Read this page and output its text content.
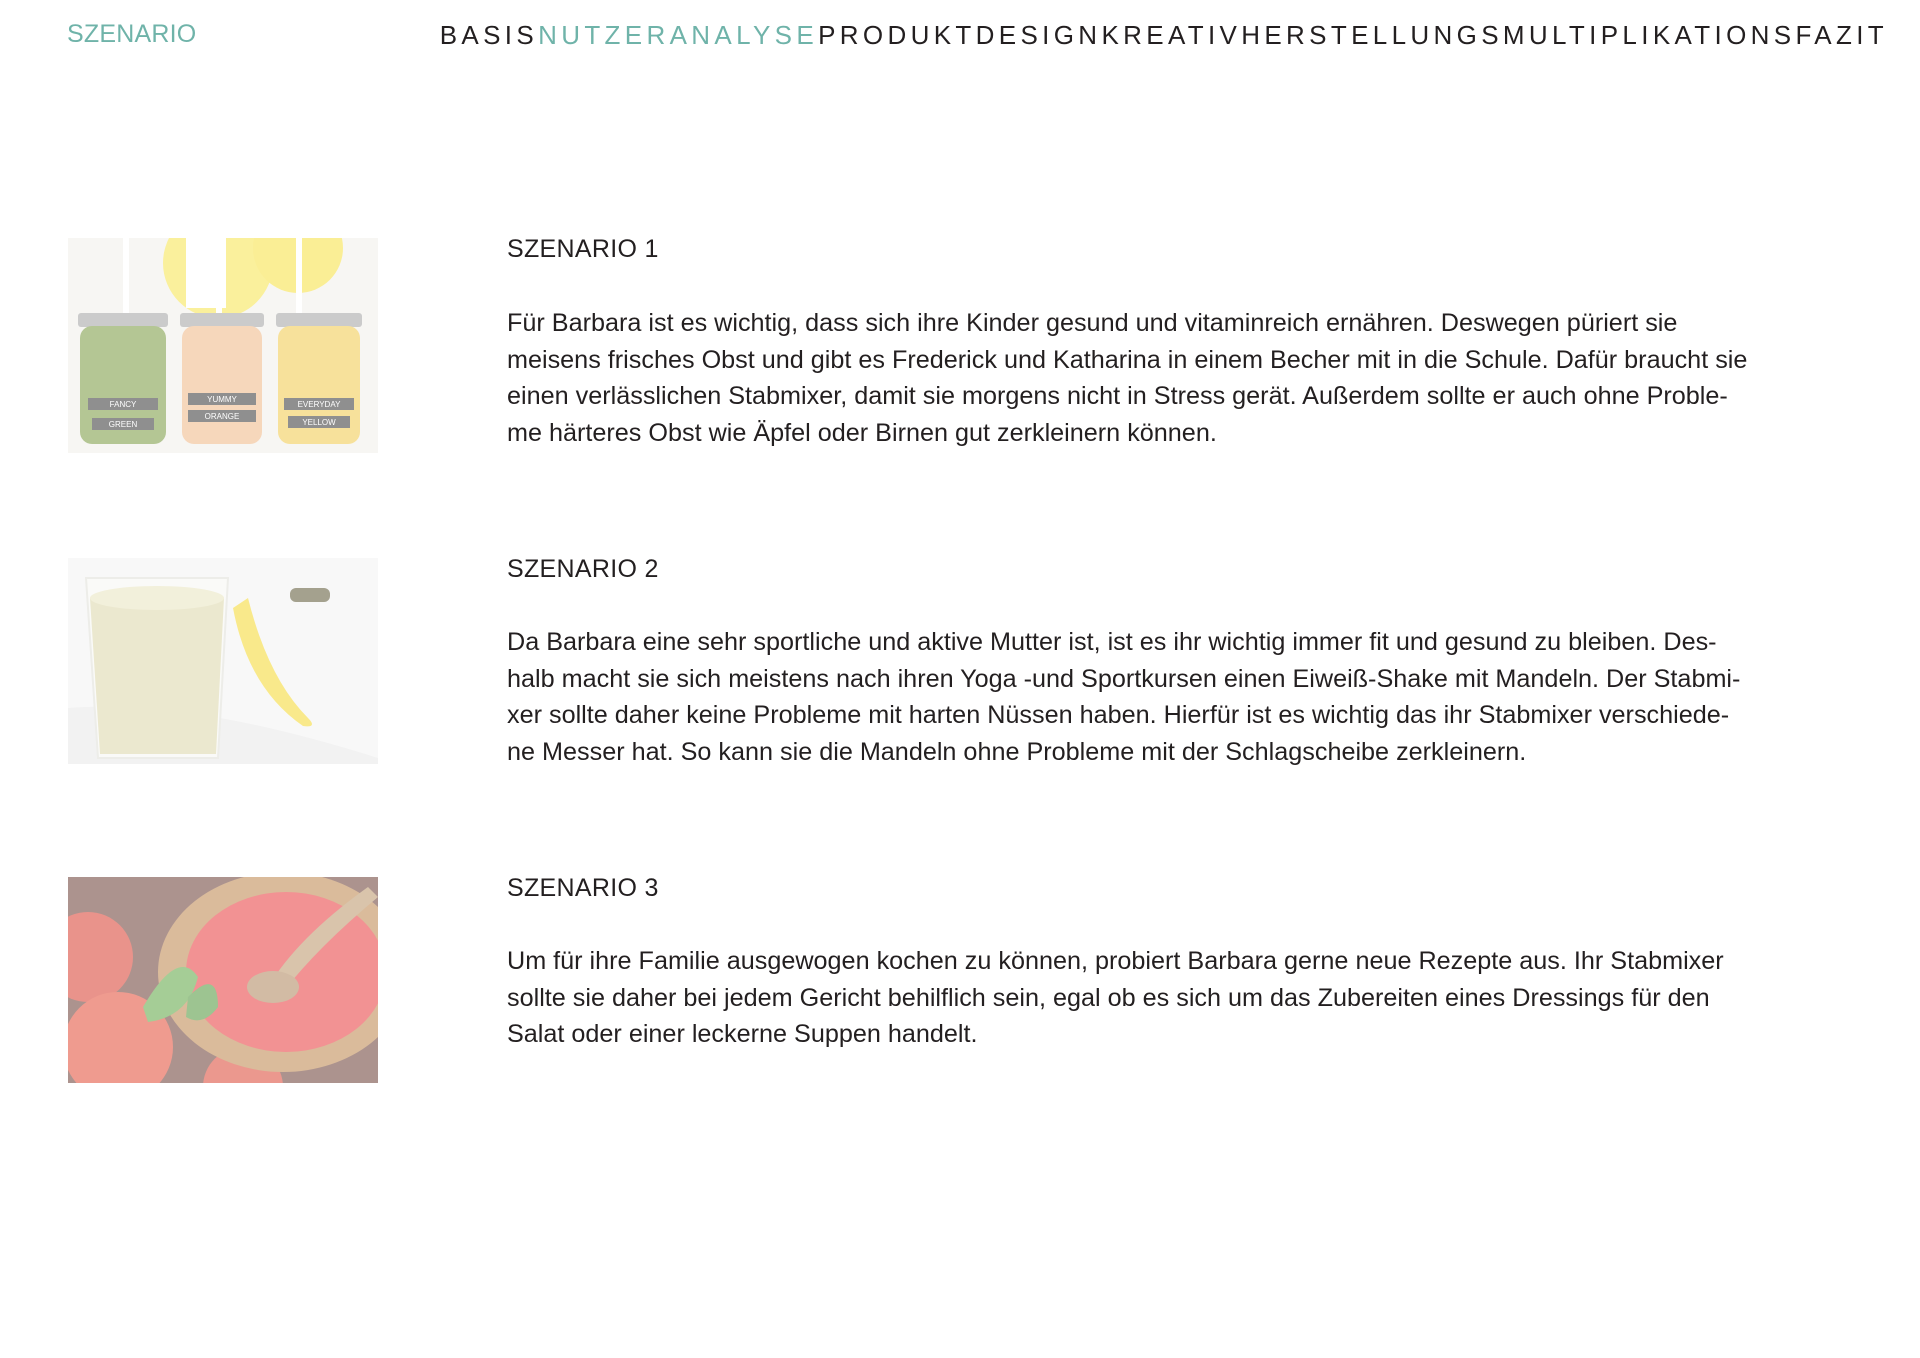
SZENARIO	BASIS NUTZERANALYSE PRODUKTDESIGN KREATIV HERSTELLUNGS MULTIPLIKATIONS FAZIT
FANCY
GREEN
YUMMY
ORANGE
EVERYDAY
YELLOW
SZENARIO 1
Für Barbara ist es wichtig, dass sich ihre Kinder gesund und vitaminreich ernähren. Deswegen püriert sie
meisens frisches Obst und gibt es Frederick und Katharina in einem Becher mit in die Schule. Dafür braucht sie
einen verlässlichen Stabmixer, damit sie morgens nicht in Stress gerät. Außerdem sollte er auch ohne Proble-
me härteres Obst wie Äpfel oder Birnen gut zerkleinern können.
SZENARIO 2
Da Barbara eine sehr sportliche und aktive Mutter ist, ist es ihr wichtig immer fit und gesund zu bleiben. Des-
halb macht sie sich meistens nach ihren Yoga -und Sportkursen einen Eiweiß-Shake mit Mandeln. Der Stabmi-
xer sollte daher keine Probleme mit harten Nüssen haben. Hierfür ist es wichtig das ihr Stabmixer verschiede-
ne Messer hat. So kann sie die Mandeln ohne Probleme mit der Schlagscheibe zerkleinern.
SZENARIO 3
Um für ihre Familie ausgewogen kochen zu können, probiert Barbara gerne neue Rezepte aus. Ihr Stabmixer
sollte sie daher bei jedem Gericht behilflich sein, egal ob es sich um das Zubereiten eines Dressings für den
Salat oder einer leckerne Suppen handelt.
